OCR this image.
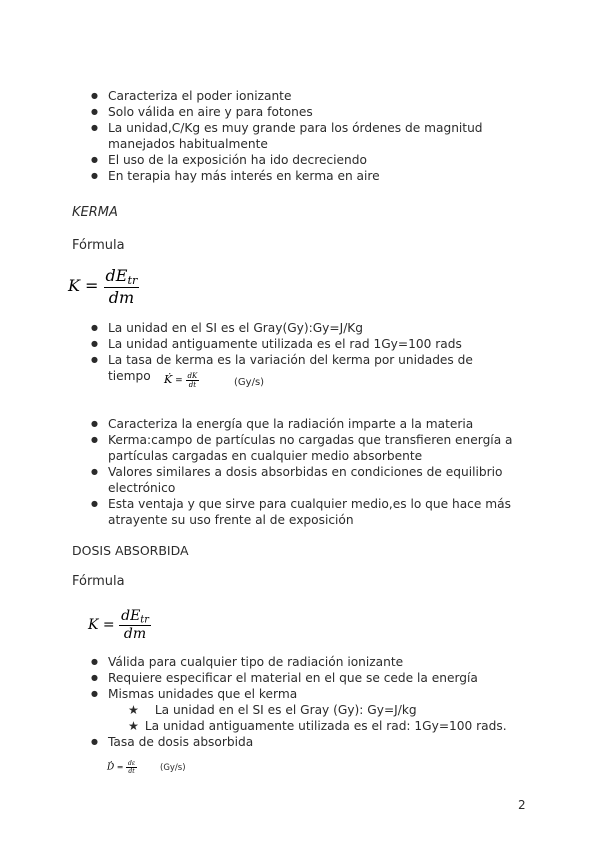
● Caracteriza el poder ionizante
● Solo válida en aire y para fotones
● La unidad,C/Kg es muy grande para los órdenes de magnitud manejados habitualmente
● El uso de la exposición ha ido decreciendo
● En terapia hay más interés en kerma en aire
KERMA
Fórmula
$K = \frac{dE_{tr}}{dm}$
● La unidad en el SI es el Gray(Gy):Gy=J/Kg
● La unidad antiguamente utilizada es el rad 1Gy=100 rads
● La tasa de kerma es la variación del kerma por unidades de tiempo	K̇ = $\frac{dK}{dt}$	(Gy/s)
● Caracteriza la energía que la radiación imparte a la materia
● Kerma:campo de partículas no cargadas que transfieren energía a partículas cargadas en cualquier medio absorbente
● Valores similares a dosis absorbidas en condiciones de equilibrio electrónico
● Esta ventaja y que sirve para cualquier medio,es lo que hace más atrayente su uso frente al de exposición
DOSIS ABSORBIDA
Fórmula
$K = \frac{dE_{tr}}{dm}$
● Válida para cualquier tipo de radiación ionizante
● Requiere especificar el material en el que se cede la energía
● Mismas unidades que el kerma
★ La unidad en el SI es el Gray (Gy): Gy=J/kg
★ La unidad antiguamente utilizada es el rad: 1Gy=100 rads.
● Tasa de dosis absorbida
Ḋ = $\frac{d\varepsilon}{dt}$	(Gy/s)
2
